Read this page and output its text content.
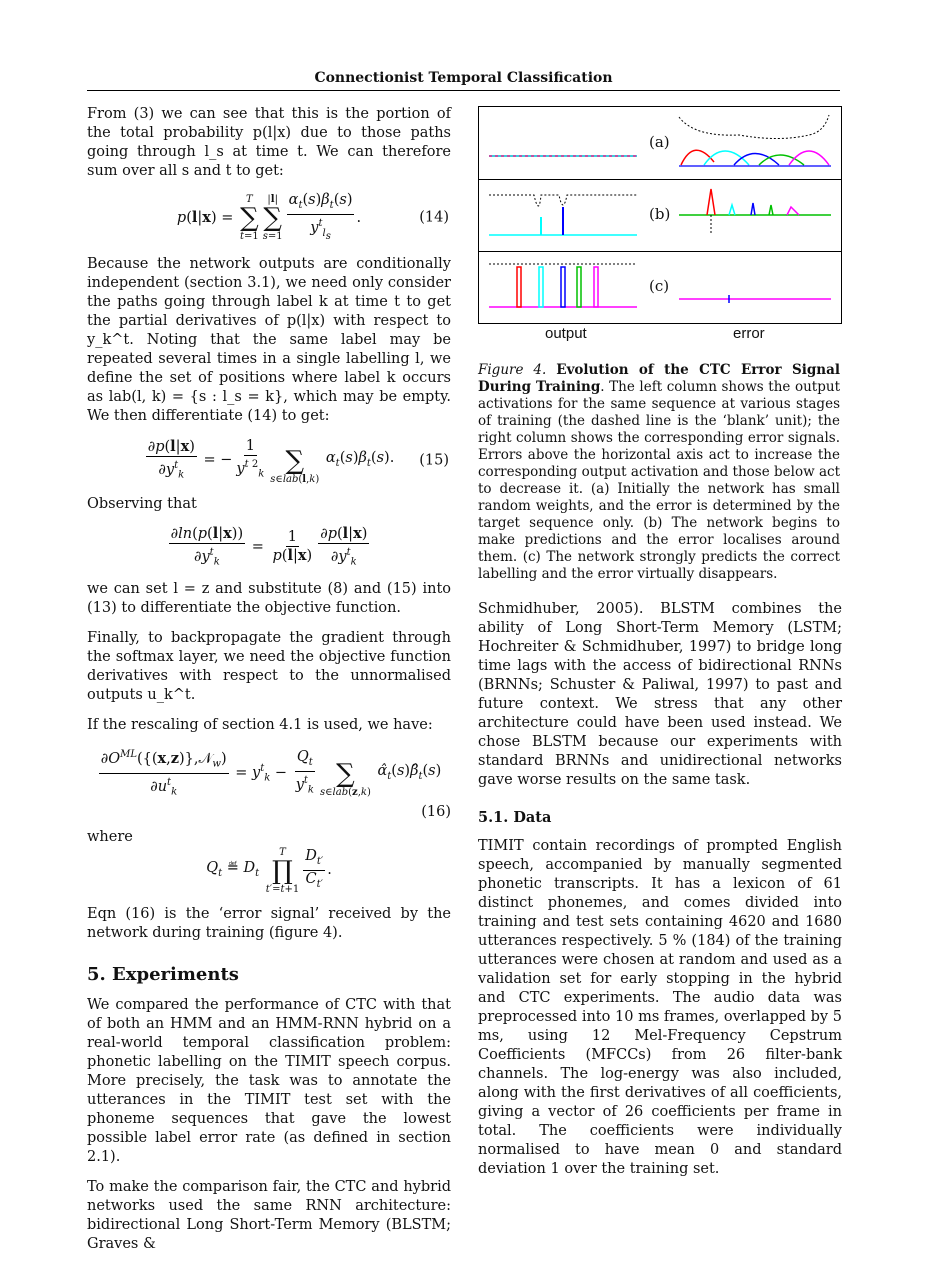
Connectionist Temporal Classification

From (3) we can see that this is the portion of the total probability p(l|x) due to those paths going through l_s at time t. We can therefore sum over all s and t to get:

p(l|x) =
T
∑
t=1
|l|
∑
$s=1 \frac{\alpha_t(s)\beta_t(s)}{y^t_{l_s}}$ .	(14)

Because the network outputs are conditionally independent (section 3.1), we need only consider the paths going through label k at time t to get the partial derivatives of p(l|x) with respect to y_k^t. Noting that the same label may be repeated several times in a single labelling l, we define the set of positions where label k occurs as lab(l, k) = {s : l_s = k}, which may be empty. We then differentiate (14) to get:

$\frac{\partial p(l|x)}{\partial y^t_k}$ = − $\frac{1}{y^{t 2}_k}$
∑
s∈lab(l,k)
$\alpha_t(s)\beta_t(s)$. (15)

Observing that

$\frac{\partial\ln(p(l|x))}{\partial y^t_k} = \frac{1}{p(l|x)} \frac{\partial p(l|x)}{\partial y^t_k}$

we can set l = z and substitute (8) and (15) into (13) to differentiate the objective function.

Finally, to backpropagate the gradient through the softmax layer, we need the objective function derivatives with respect to the unnormalised outputs u_k^t.

If the rescaling of section 4.1 is used, we have:

$\frac{\partial O^{ML}(\{(x,z)\},𝒩_w)}{\partial u^t_k} = y^t_k - \frac{Q_t}{y^t_k}$
∑
s∈lab(z,k)
$\alphâ_t(s)\betâ_t(s)$
(16)

where

$Q_t$ ≝ $D_t$
T
∏
$t'=t+1 \frac{D_{t'}}{C_{t'}}$ .

Eqn (16) is the ‘error signal’ received by the network during training (figure 4).

5. Experiments

We compared the performance of CTC with that of both an HMM and an HMM-RNN hybrid on a real-world temporal classification problem: phonetic labelling on the TIMIT speech corpus. More precisely, the task was to annotate the utterances in the TIMIT test set with the phoneme sequences that gave the lowest possible label error rate (as defined in section 2.1).

To make the comparison fair, the CTC and hybrid networks used the same RNN architecture: bidirectional Long Short-Term Memory (BLSTM; Graves &

(a)
(b)
(c)
output	error
Figure 4. Evolution of the CTC Error Signal During Training. The left column shows the output activations for the same sequence at various stages of training (the dashed line is the ‘blank’ unit); the right column shows the corresponding error signals. Errors above the horizontal axis act to increase the corresponding output activation and those below act to decrease it. (a) Initially the network has small random weights, and the error is determined by the target sequence only. (b) The network begins to make predictions and the error localises around them. (c) The network strongly predicts the correct labelling and the error virtually disappears.

Schmidhuber, 2005). BLSTM combines the ability of Long Short-Term Memory (LSTM; Hochreiter & Schmidhuber, 1997) to bridge long time lags with the access of bidirectional RNNs (BRNNs; Schuster & Paliwal, 1997) to past and future context. We stress that any other architecture could have been used instead. We chose BLSTM because our experiments with standard BRNNs and unidirectional networks gave worse results on the same task.

5.1. Data

TIMIT contain recordings of prompted English speech, accompanied by manually segmented phonetic transcripts. It has a lexicon of 61 distinct phonemes, and comes divided into training and test sets containing 4620 and 1680 utterances respectively. 5 % (184) of the training utterances were chosen at random and used as a validation set for early stopping in the hybrid and CTC experiments. The audio data was preprocessed into 10 ms frames, overlapped by 5 ms, using 12 Mel-Frequency Cepstrum Coefficients (MFCCs) from 26 filter-bank channels. The log-energy was also included, along with the first derivatives of all coefficients, giving a vector of 26 coefficients per frame in total. The coefficients were individually normalised to have mean 0 and standard deviation 1 over the training set.
